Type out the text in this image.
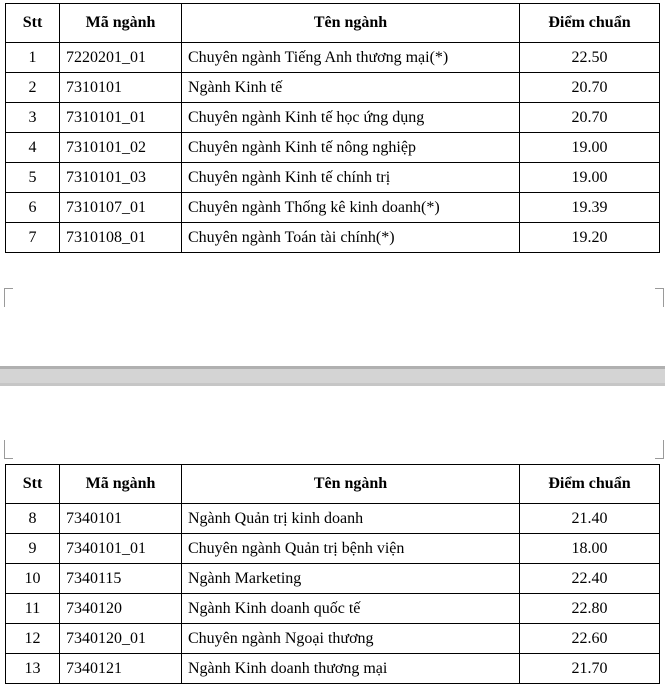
Stt	Mã ngành	Tên ngành	Điểm chuẩn
1	7220201_01	Chuyên ngành Tiếng Anh thương mại(*)	22.50
2	7310101	Ngành Kinh tế	20.70
3	7310101_01	Chuyên ngành Kinh tế học ứng dụng	20.70
4	7310101_02	Chuyên ngành Kinh tế nông nghiệp	19.00
5	7310101_03	Chuyên ngành Kinh tế chính trị	19.00
6	7310107_01	Chuyên ngành Thống kê kinh doanh(*)	19.39
7	7310108_01	Chuyên ngành Toán tài chính(*)	19.20
Stt	Mã ngành	Tên ngành	Điểm chuẩn
8	7340101	Ngành Quản trị kinh doanh	21.40
9	7340101_01	Chuyên ngành Quản trị bệnh viện	18.00
10	7340115	Ngành Marketing	22.40
11	7340120	Ngành Kinh doanh quốc tế	22.80
12	7340120_01	Chuyên ngành Ngoại thương	22.60
13	7340121	Ngành Kinh doanh thương mại	21.70
